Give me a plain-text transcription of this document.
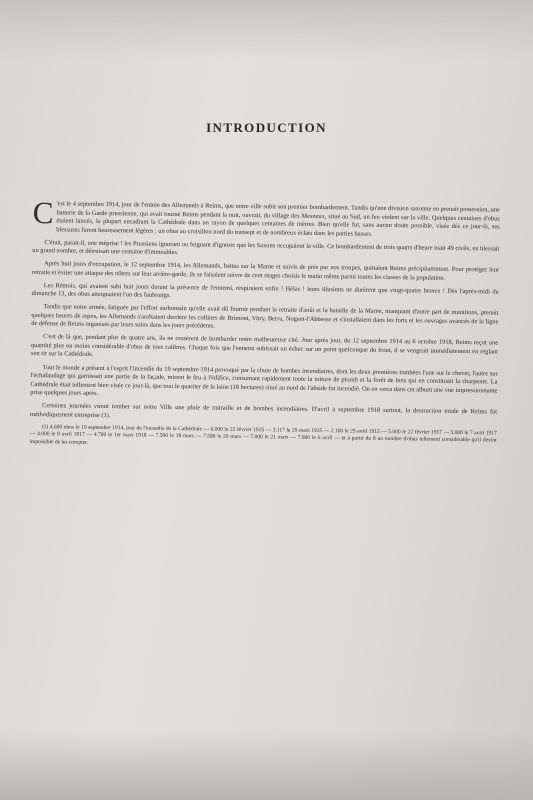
INTRODUCTION

C 'est le 4 septembre 1914, jour de l'entrée des Allemands à Reims, que notre ville subit son premier bombardement. Tandis qu'une division saxonne en prenait possession, une batterie de la Garde prussienne, qui avait tourné Reims pendant la nuit, ouvrait, du village des Mesneux, situé au Sud, un feu violent sur la ville. Quelques centaines d'obus étaient lancés, la plupart encadrant la Cathédrale dans un rayon de quelques centaines de mètres. Bien qu'elle fut, sans aucun doute possible, visée dès ce jour-là, ses blessures furent heureusement légères : un obus au croisillon nord du transept et de nombreux éclats dans les parties basses.

C'était, parait-il, une méprise ! les Prussiens ignorant ou feignant d'ignorer que les Saxons occupaient la ville. Ce bombardement de trois quarts d'heure tuait 49 civils, en blessait un grand nombre, et détruisait une centaine d'immeubles.

Après huit jours d'occupation, le 12 septembre 1914, les Allemands, battus sur la Marne et suivis de près par nos troupes, quittaient Reims précipitamment. Pour protéger leur retraite et éviter une attaque des nôtres sur leur arrière-garde, ils se faisaient suivre de cent otages choisis le matin même parmi toutes les classes de la population.

Les Rémois, qui avaient subi huit jours durant la présence de l'ennemi, respiraient enfin ! Hélas ! leurs illusions ne durèrent que vingt-quatre heures ! Dès l'après-midi du dimanche 13, des obus atteignaient l'un des faubourgs.

Tandis que notre armée, fatiguée par l'effort surhumain qu'elle avait dû fournir pendant la retraite d'août et la bataille de la Marne, manquant d'autre part de munitions, prenait quelques heures de repos, les Allemands s'arrêtaient derrière les collines de Brimont, Vitry, Berru, Nogent-l'Abbesse et s'installaient dans les forts et les ouvrages avancés de la ligne de défense de Reims organisés par leurs soins dans les jours précédents.

C'est de là que, pendant plus de quatre ans, ils ne cessèrent de bombarder notre malheureuse cité. Jour après jour, du 12 septembre 1914 au 6 octobre 1918, Reims reçut une quantité plus ou moins considérable d'obus de tous calibres. Chaque fois que l'ennemi subissait un échec sur un point quelconque du front, il se vengeait immédiatement en réglant son tir sur la Cathédrale.

Tout le monde a présent à l'esprit l'incendie du 19 septembre 1914 provoqué par la chute de bombes incendiaires, dont les deux premières tombées l'une sur le chevet, l'autre sur l'échafaudage qui garnissait une partie de la façade, mirent le feu à l'édifice, consumant rapidement toute la toiture de plomb et la forêt de bois qui en constituait la charpente. La Cathédrale était tellement bien visée ce jour-là, que tout le quartier de la laine (18 hectares) situé au nord de l'abside fut incendié. On en verra dans cet album une vue impressionnante prise quelques jours après.

Certaines journées virent tomber sur notre Ville une pluie de mitraille et de bombes incendiaires. D'avril à septembre 1918 surtout, la destruction totale de Reims fut méthodiquement entreprise (1).

(1) 4.600 obus le 19 septembre 1914, jour de l'incendie de la Cathédrale — 6.000 le 22 février 1915 — 3.117 le 29 mars 1915 — 2.100 le 25 avril 1915 — 5.000 le 22 février 1917 — 5.000 le 7 avril 1917 — 4.000 le 8 avril 1917 — 4.700 le 1er mars 1918 — 7.500 le 18 mars — 7.500 le 20 mars — 7.000 le 21 mars — 7.600 le 6 avril — et à partir du 8 un nombre d'obus tellement considérable qu'il devint impossible de les compter.
